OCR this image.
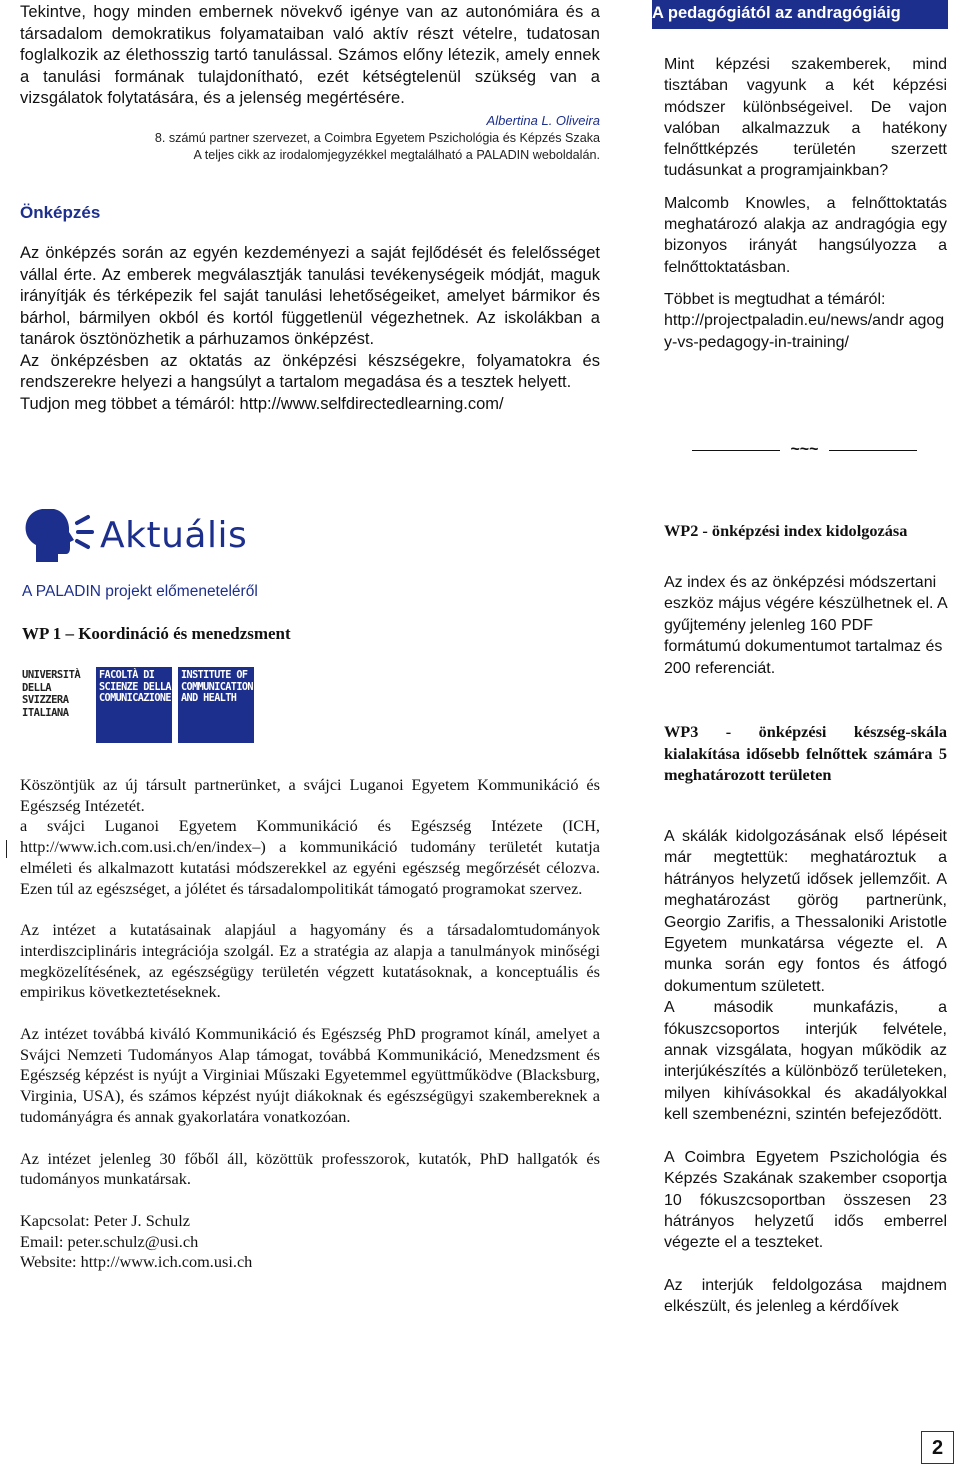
Tekintve, hogy minden embernek növekvő igénye van az autonómiára és a társadalom demokratikus folyamataiban való aktív részt vételre, tudatosan foglalkozik az élethosszig tartó tanulással. Számos előny létezik, amely ennek a tanulási formának tulajdonítható, ezét kétségtelenül szükség van a vizsgálatok folytatására, és a jelenség megértésére.

Albertina L. Oliveira
8. számú partner szervezet, a Coimbra Egyetem Pszichológia és Képzés Szaka
A teljes cikk az irodalomjegyzékkel megtalálható a PALADIN weboldalán.
Önképzés

Az önképzés során az egyén kezdeményezi a saját fejlődését és felelősséget vállal érte. Az emberek megválasztják tanulási tevékenységeik módját, maguk irányítják és térképezik fel saját tanulási lehetőségeiket, amelyet bármikor és bárhol, bármilyen okból és kortól függetlenül végezhetnek. Az iskolákban a tanárok ösztönözhetik a párhuzamos önképzést.

Az önképzésben az oktatás az önképzési készségekre, folyamatokra és rendszerekre helyezi a hangsúlyt a tartalom megadása és a tesztek helyett.

Tudjon meg többet a témáról: http://www.selfdirectedlearning.com/

A pedagógiától az andragógiáig

Mint képzési szakemberek, mind tisztában vagyunk a két képzési módszer különbségeivel. De vajon valóban alkalmazzuk a hatékony felnőttképzés területén szerzett tudásunkat a programjainkban?

Malcomb Knowles, a felnőttoktatás meghatározó alakja az andragógia egy bizonyos irányát hangsúlyozza a felnőttoktatásban.

Többet is megtudhat a témáról:

http://projectpaladin.eu/news/andr agogy-vs-pedagogy-in-training/

~~~
Aktuális
A PALADIN projekt előmeneteléről
WP 1 – Koordináció és menedzsment
UNIVERSITÀ DELLA SVIZZERA ITALIANA
FACOLTÀ DI SCIENZE DELLA COMUNICAZIONE
INSTITUTE OF COMMUNICATION AND HEALTH

Köszöntjük az új társult partnerünket, a svájci Luganoi Egyetem Kommunikáció és Egészség Intézetét.

a svájci Luganoi Egyetem Kommunikáció és Egészség Intézete (ICH, http://www.ich.com.usi.ch/en/index–) a kommunikáció tudomány területét kutatja elméleti és alkalmazott kutatási módszerekkel az egyéni egészség megőrzését célozva. Ezen túl az egészséget, a jólétet és társadalompolitikát támogató programokat szervez.

Az intézet a kutatásainak alapjául a hagyomány és a társadalomtudományok interdiszciplináris integrációja szolgál. Ez a stratégia az alapja a tanulmányok minőségi megközelítésének, az egészségügy területén végzett kutatásoknak, a konceptuális és empirikus következtetéseknek.

Az intézet továbbá kiváló Kommunikáció és Egészség PhD programot kínál, amelyet a Svájci Nemzeti Tudományos Alap támogat, továbbá Kommunikáció, Menedzsment és Egészség képzést is nyújt a Virginiai Műszaki Egyetemmel együttműködve (Blacksburg, Virginia, USA), és számos képzést nyújt diákoknak és egészségügyi szakembereknek a tudományágra és annak gyakorlatára vonatkozóan.

Az intézet jelenleg 30 főből áll, közöttük professzorok, kutatók, PhD hallgatók és tudományos munkatársak.

Kapcsolat: Peter J. Schulz

Email: peter.schulz@usi.ch

Website: http://www.ich.com.usi.ch

WP2 - önképzési index kidolgozása
Az index és az önképzési módszertani eszköz május végére készülhetnek el. A gyűjtemény jelenleg 160 PDF formátumú dokumentumot tartalmaz és 200 referenciát.
WP3 - önképzési készség-skála kialakítása idősebb felnőttek számára 5 meghatározott területen

A skálák kidolgozásának első lépéseit már megtettük: meghatároztuk a hátrányos helyzetű idősek jellemzőit. A meghatározást görög partnerünk, Georgio Zarifis, a Thessaloniki Aristotle Egyetem munkatársa végezte el. A munka során egy fontos és átfogó dokumentum született.

A második munkafázis, a fókuszcsoportos interjúk felvétele, annak vizsgálata, hogyan működik az interjúkészítés a különböző területeken, milyen kihívásokkal és akadályokkal kell szembenézni, szintén befejeződött.

A Coimbra Egyetem Pszichológia és Képzés Szakának szakember csoportja 10 fókuszcsoportban összesen 23 hátrányos helyzetű idős emberrel végezte el a teszteket.

Az interjúk feldolgozása majdnem elkészült, és jelenleg a kérdőívek

2
